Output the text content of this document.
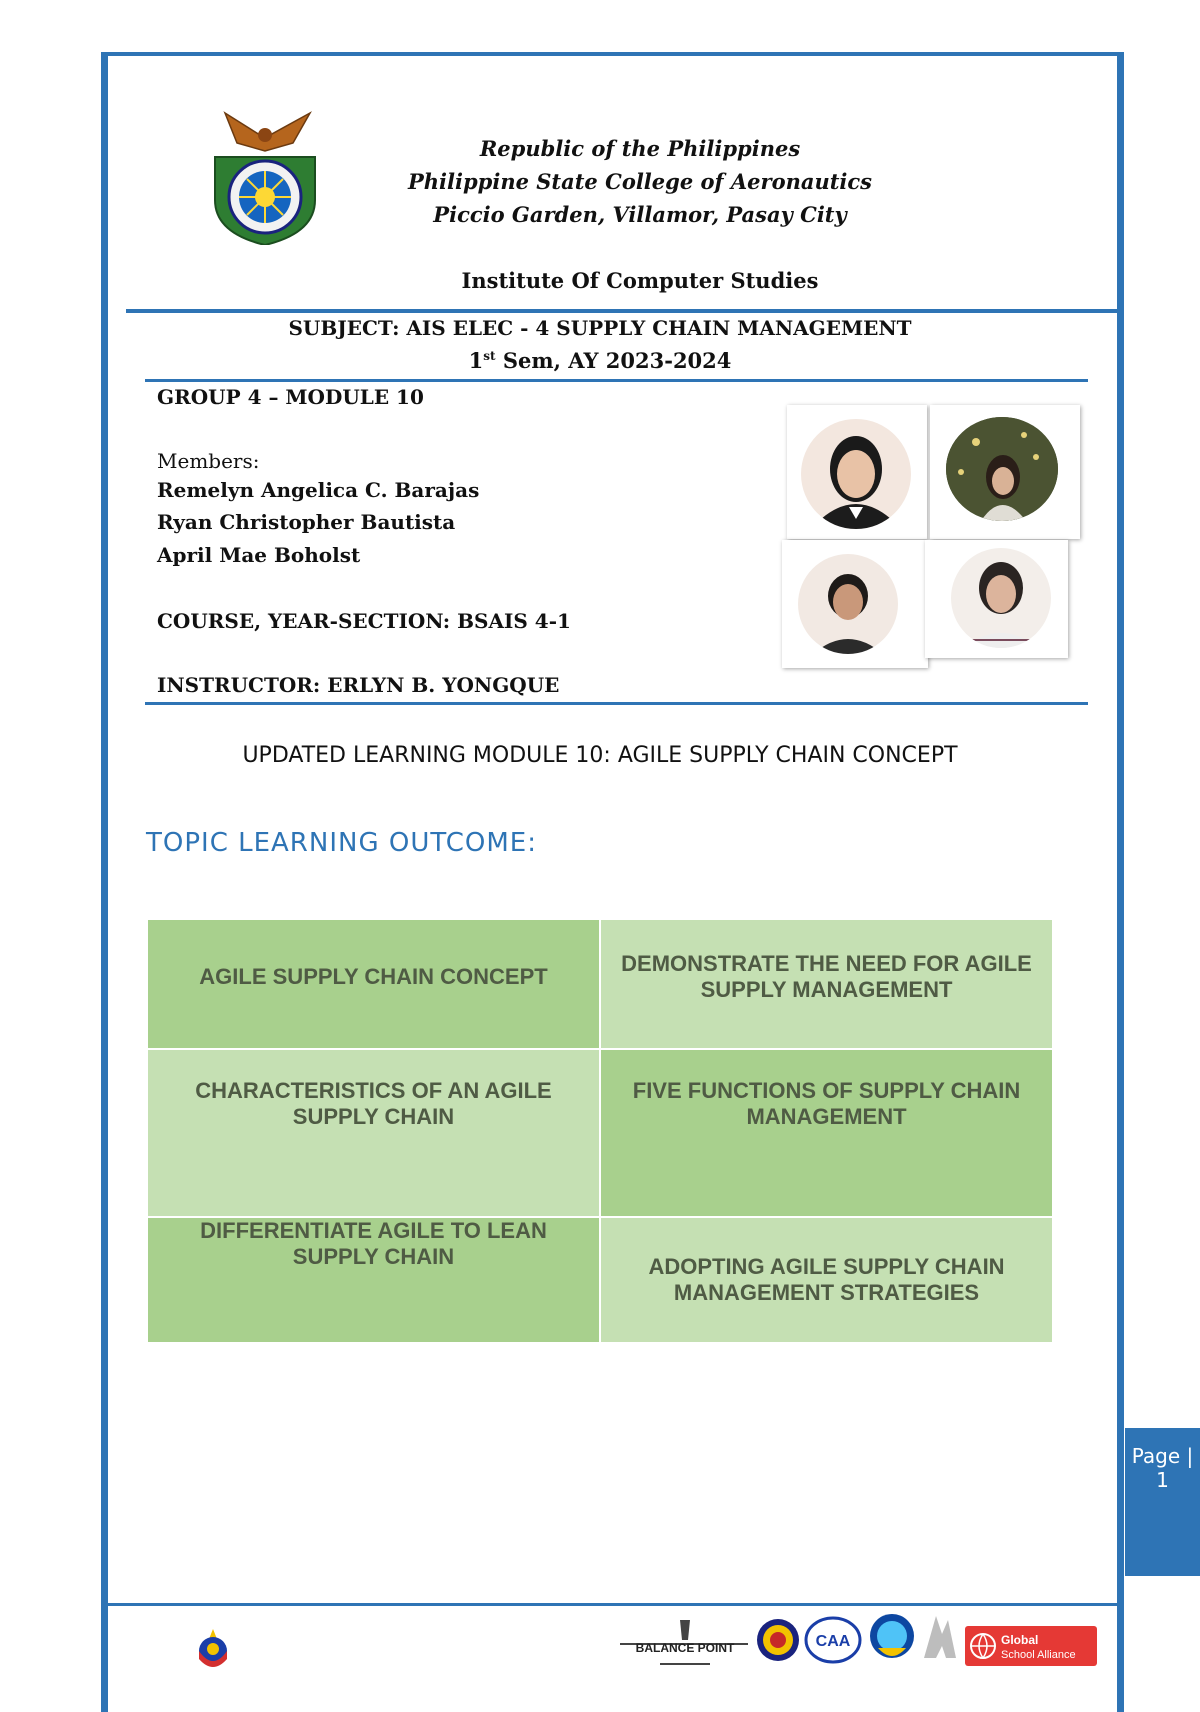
Republic of the Philippines
Philippine State College of Aeronautics
Piccio Garden, Villamor, Pasay City
Institute Of Computer Studies
SUBJECT: AIS ELEC - 4 SUPPLY CHAIN MANAGEMENT
1st Sem, AY 2023-2024
GROUP 4 – MODULE 10
Members:
Remelyn Angelica C. Barajas
Ryan Christopher Bautista
April Mae Boholst
COURSE, YEAR-SECTION: BSAIS 4-1
INSTRUCTOR: ERLYN B. YONGQUE
UPDATED LEARNING MODULE 10: AGILE SUPPLY CHAIN CONCEPT
TOPIC LEARNING OUTCOME:
AGILE SUPPLY CHAIN CONCEPT	DEMONSTRATE THE NEED FOR AGILE SUPPLY MANAGEMENT
CHARACTERISTICS OF AN AGILE SUPPLY CHAIN	FIVE FUNCTIONS OF SUPPLY CHAIN MANAGEMENT
DIFFERENTIATE AGILE TO LEAN SUPPLY CHAIN	ADOPTING AGILE SUPPLY CHAIN MANAGEMENT STRATEGIES
Page |
1
BALANCE POINT	CAA	Global
School Alliance
